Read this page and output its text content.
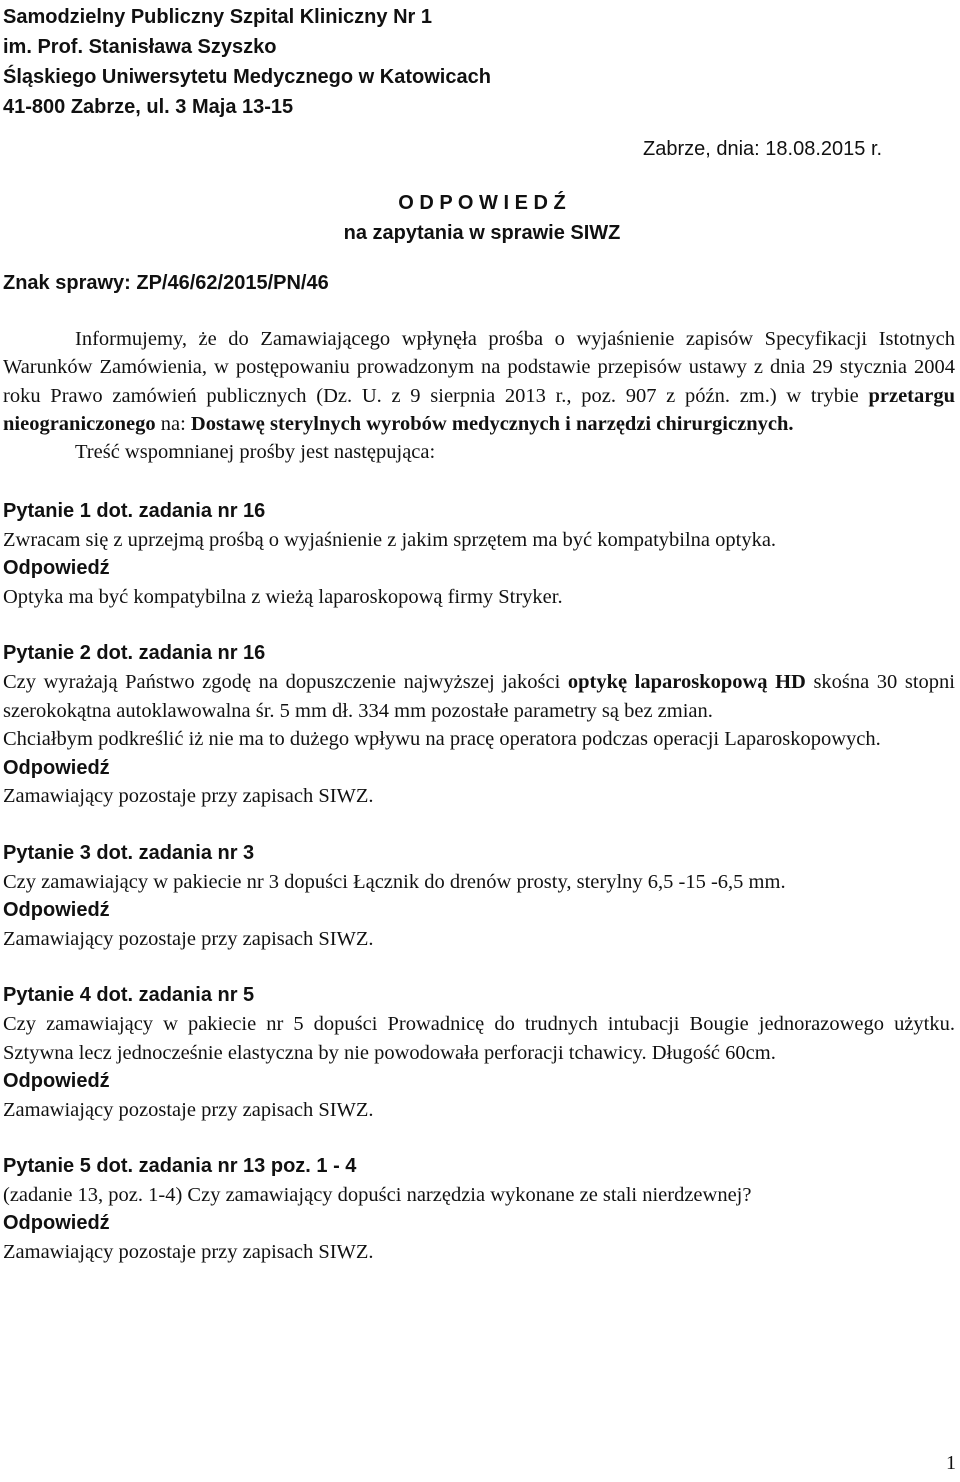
Samodzielny Publiczny Szpital Kliniczny Nr 1
im. Prof. Stanisława Szyszko
Śląskiego Uniwersytetu Medycznego w Katowicach
41-800 Zabrze, ul. 3 Maja 13-15
Zabrze, dnia: 18.08.2015 r.
O D P O W I E D Ź
na zapytania w sprawie SIWZ
Znak sprawy: ZP/46/62/2015/PN/46
Informujemy, że do Zamawiającego wpłynęła prośba o wyjaśnienie zapisów Specyfikacji Istotnych Warunków Zamówienia, w postępowaniu prowadzonym na podstawie przepisów ustawy z dnia 29 stycznia 2004 roku Prawo zamówień publicznych (Dz. U. z 9 sierpnia 2013 r., poz. 907 z późn. zm.) w trybie przetargu nieograniczonego na: Dostawę sterylnych wyrobów medycznych i narzędzi chirurgicznych.
Treść wspomnianej prośby jest następująca:
Pytanie 1 dot. zadania nr 16
Zwracam się z uprzejmą prośbą o wyjaśnienie z jakim sprzętem ma być kompatybilna optyka.
Odpowiedź
Optyka ma być kompatybilna z wieżą laparoskopową firmy Stryker.
Pytanie 2 dot. zadania nr 16
Czy wyrażają Państwo zgodę na dopuszczenie najwyższej jakości optykę laparoskopową HD skośna 30 stopni szerokokątna autoklawowalna śr. 5 mm dł. 334 mm pozostałe parametry są bez zmian.
Chciałbym podkreślić iż nie ma to dużego wpływu na pracę operatora podczas operacji Laparoskopowych.
Odpowiedź
Zamawiający pozostaje przy zapisach SIWZ.
Pytanie 3 dot. zadania nr 3
Czy zamawiający w pakiecie nr 3 dopuści Łącznik do drenów prosty, sterylny 6,5 -15 -6,5 mm.
Odpowiedź
Zamawiający pozostaje przy zapisach SIWZ.
Pytanie 4 dot. zadania nr 5
Czy zamawiający w pakiecie nr 5 dopuści Prowadnicę do trudnych intubacji Bougie jednorazowego użytku. Sztywna lecz jednocześnie elastyczna by nie powodowała perforacji tchawicy. Długość 60cm.
Odpowiedź
Zamawiający pozostaje przy zapisach SIWZ.
Pytanie 5 dot. zadania nr 13 poz. 1 - 4
(zadanie 13, poz. 1-4) Czy zamawiający dopuści narzędzia wykonane ze stali nierdzewnej?
Odpowiedź
Zamawiający pozostaje przy zapisach SIWZ.
1
